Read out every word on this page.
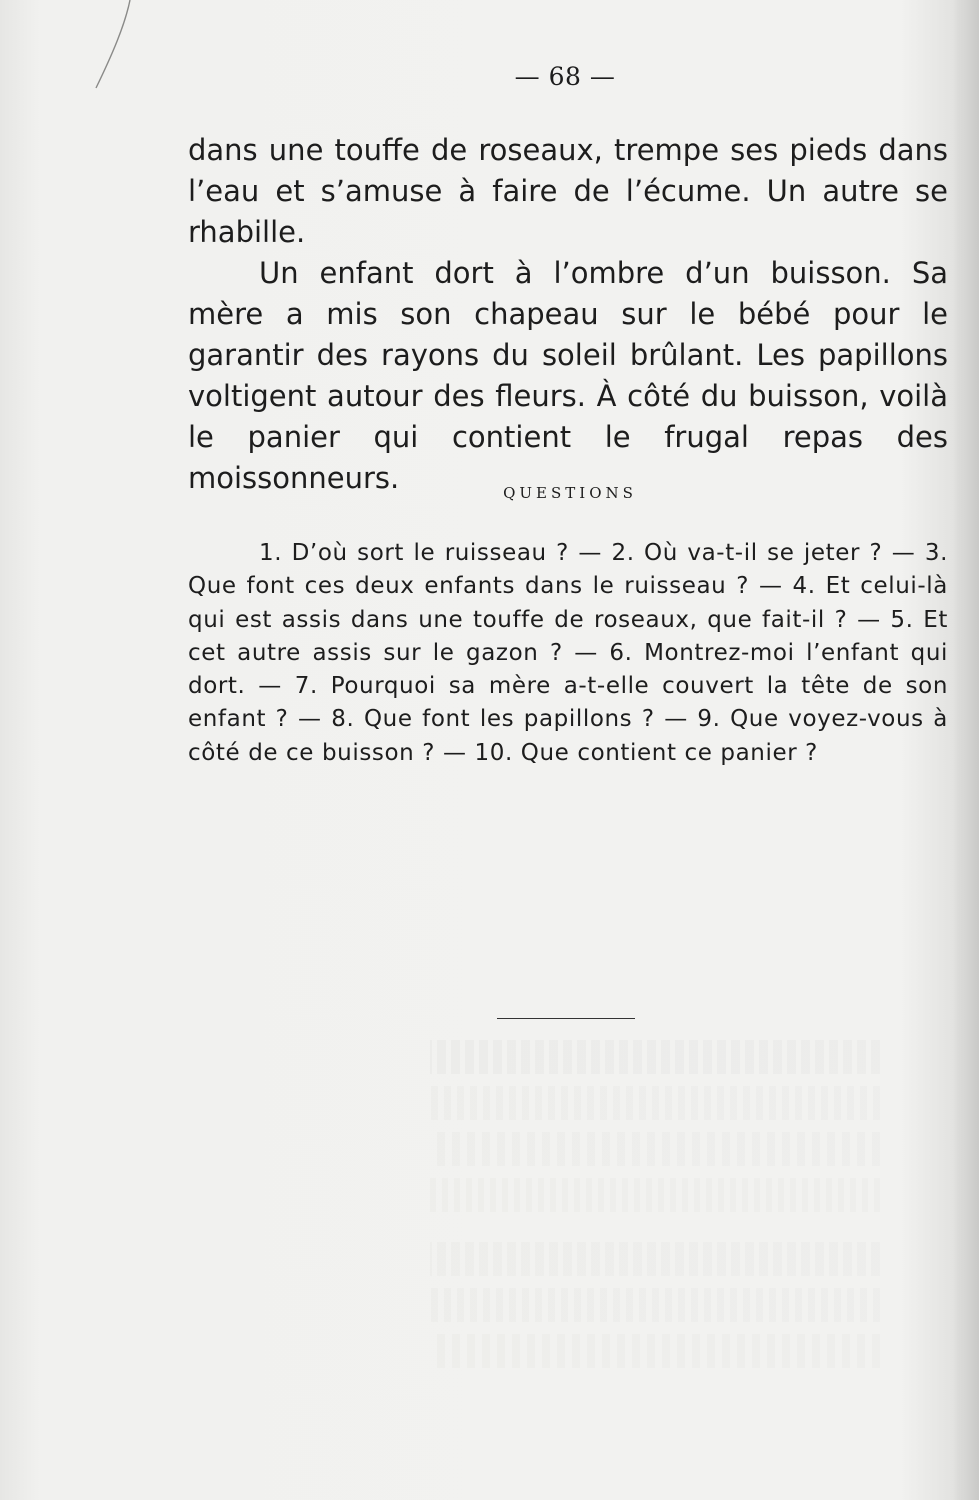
— 68 —

dans une touffe de roseaux, trempe ses pieds dans l’eau et s’amuse à faire de l’écume. Un autre se rhabille.

Un enfant dort à l’ombre d’un buisson. Sa mère a mis son chapeau sur le bébé pour le garantir des rayons du soleil brûlant. Les papillons voltigent autour des fleurs. À côté du buisson, voilà le panier qui contient le frugal repas des moissonneurs.	QUESTIONS

1. D’où sort le ruisseau ? — 2. Où va-t-il se jeter ? — 3. Que font ces deux enfants dans le ruisseau ? — 4. Et celui-là qui est assis dans une touffe de roseaux, que fait-il ? — 5. Et cet autre assis sur le gazon ? — 6. Montrez-moi l’enfant qui dort. — 7. Pourquoi sa mère a-t-elle couvert la tête de son enfant ? — 8. Que font les papillons ? — 9. Que voyez-vous à côté de ce buisson ? — 10. Que contient ce panier ?
